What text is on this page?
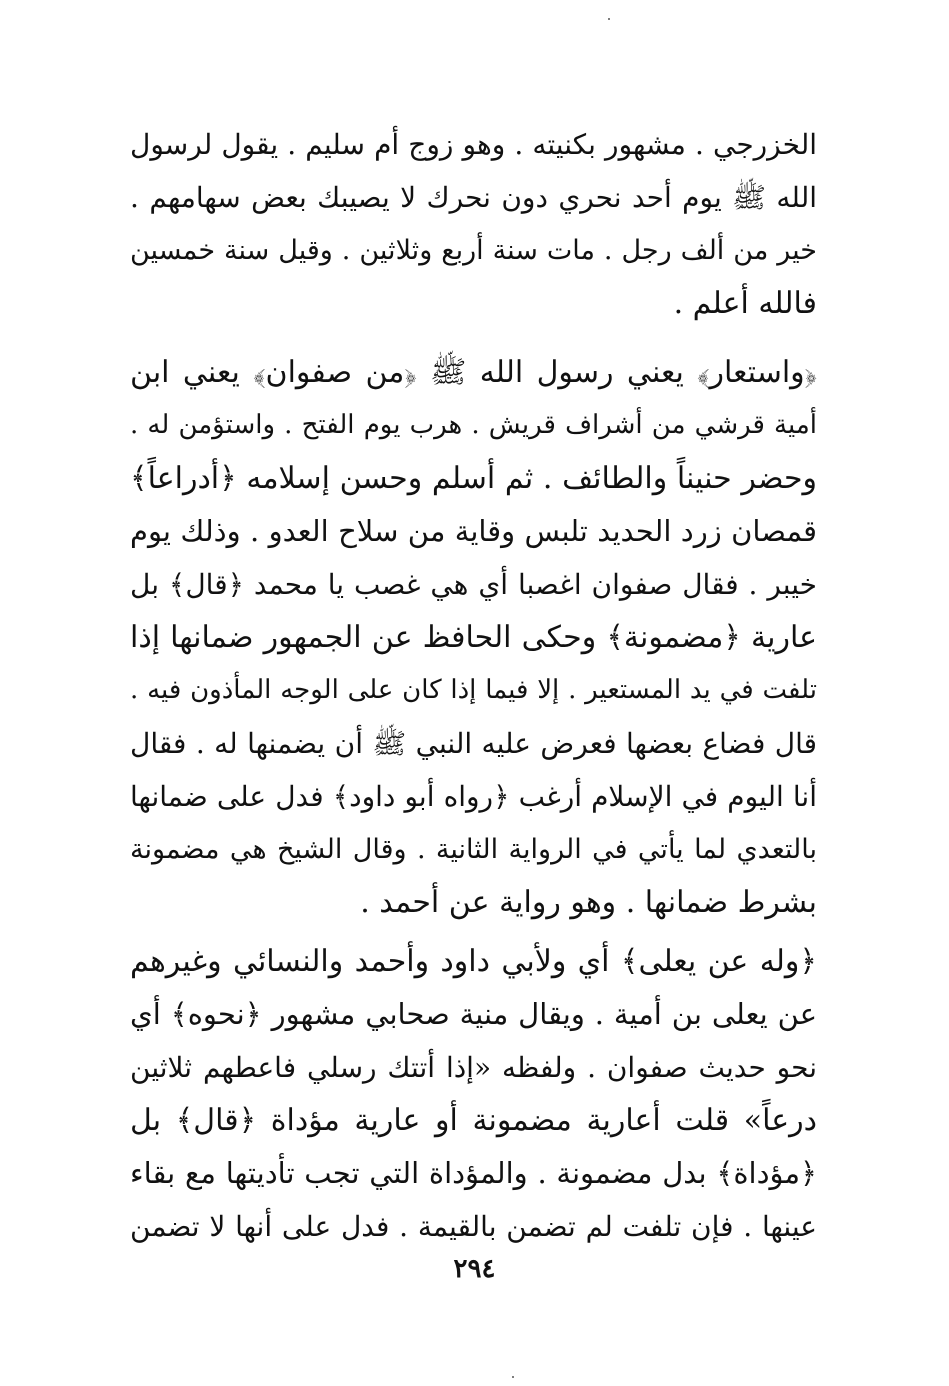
الخزرجي . مشهور بكنيته . وهو زوج أم سليم . يقول لرسول
الله ﷺ يوم أحد نحري دون نحرك لا يصيبك بعض سهامهم .
خير من ألف رجل . مات سنة أربع وثلاثين . وقيل سنة خمسين
فالله أعلم .
﴿واستعار﴾ يعني رسول الله ﷺ ﴿من صفوان﴾ يعني ابن
أمية قرشي من أشراف قريش . هرب يوم الفتح . واستؤمن له .
وحضر حنيناً والطائف . ثم أسلم وحسن إسلامه ﴿أدراعاً﴾
قمصان زرد الحديد تلبس وقاية من سلاح العدو . وذلك يوم
خيبر . فقال صفوان اغصبا أي هي غصب يا محمد ﴿قال﴾ بل
عارية ﴿مضمونة﴾ وحكى الحافظ عن الجمهور ضمانها إذا
تلفت في يد المستعير . إلا فيما إذا كان على الوجه المأذون فيه .
قال فضاع بعضها فعرض عليه النبي ﷺ أن يضمنها له . فقال
أنا اليوم في الإسلام أرغب ﴿رواه أبو داود﴾ فدل على ضمانها
بالتعدي لما يأتي في الرواية الثانية . وقال الشيخ هي مضمونة
بشرط ضمانها . وهو رواية عن أحمد .
﴿وله عن يعلى﴾ أي ولأبي داود وأحمد والنسائي وغيرهم
عن يعلى بن أمية . ويقال منية صحابي مشهور ﴿نحوه﴾ أي
نحو حديث صفوان . ولفظه «إذا أتتك رسلي فاعطهم ثلاثين
درعاً» قلت أعارية مضمونة أو عارية مؤداة ﴿قال﴾ بل
﴿مؤداة﴾ بدل مضمونة . والمؤداة التي تجب تأديتها مع بقاء
عينها . فإن تلفت لم تضمن بالقيمة . فدل على أنها لا تضمن
٢٩٤
